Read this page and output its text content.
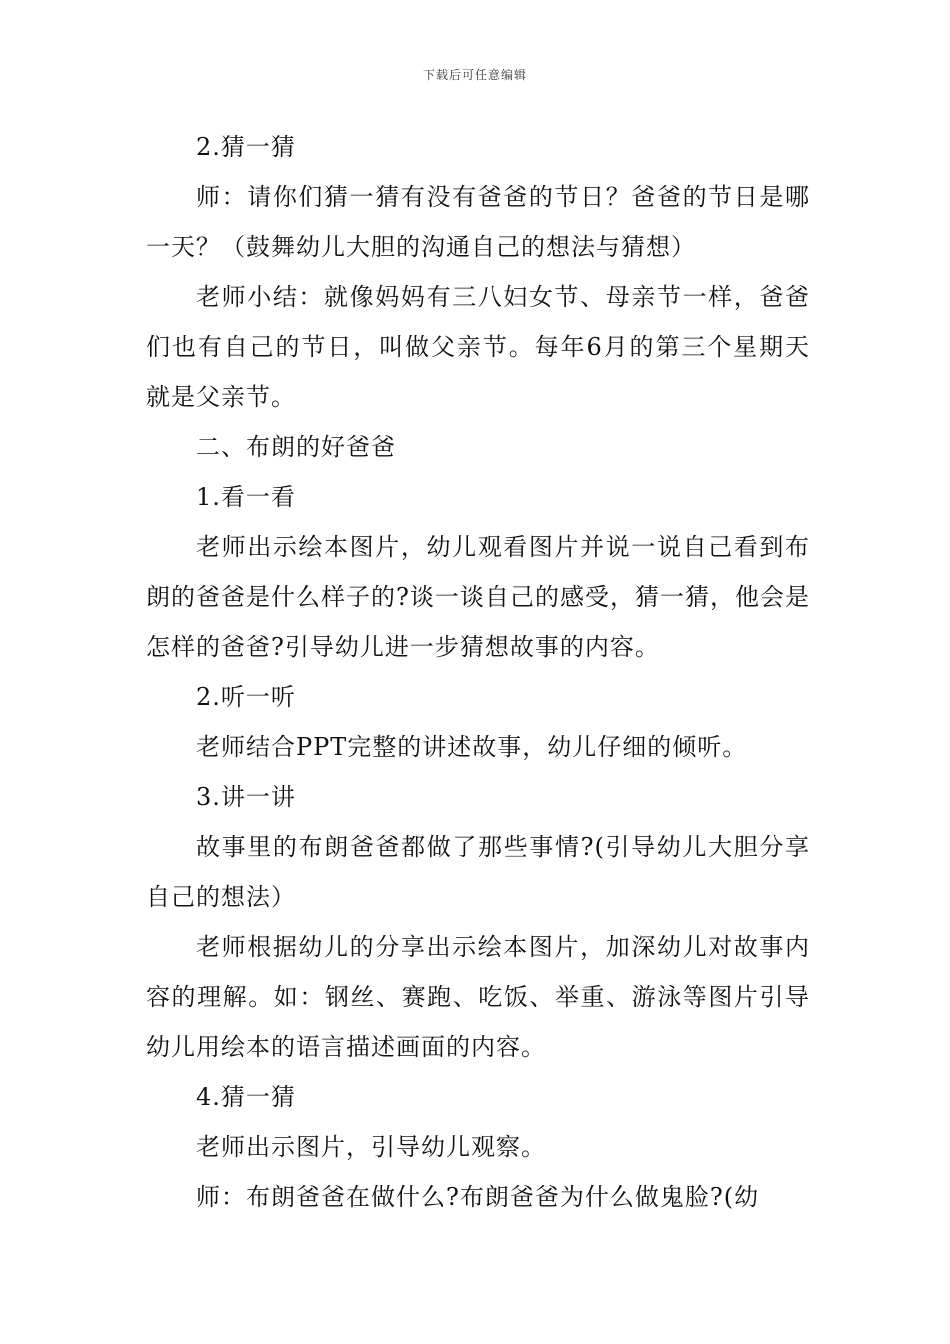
下载后可任意编辑

2.猜一猜

师：请你们猜一猜有没有爸爸的节日？爸爸的节日是哪一天？（鼓舞幼儿大胆的沟通自己的想法与猜想）

老师小结：就像妈妈有三八妇女节、母亲节一样，爸爸们也有自己的节日，叫做父亲节。每年6月的第三个星期天就是父亲节。

二、布朗的好爸爸

1.看一看

老师出示绘本图片，幼儿观看图片并说一说自己看到布朗的爸爸是什么样子的?谈一谈自己的感受，猜一猜，他会是怎样的爸爸?引导幼儿进一步猜想故事的内容。

2.听一听

老师结合PPT完整的讲述故事，幼儿仔细的倾听。

3.讲一讲

故事里的布朗爸爸都做了那些事情?(引导幼儿大胆分享自己的想法）

老师根据幼儿的分享出示绘本图片，加深幼儿对故事内容的理解。如：钢丝、赛跑、吃饭、举重、游泳等图片引导幼儿用绘本的语言描述画面的内容。

4.猜一猜

老师出示图片，引导幼儿观察。

师：布朗爸爸在做什么?布朗爸爸为什么做鬼脸?(幼
